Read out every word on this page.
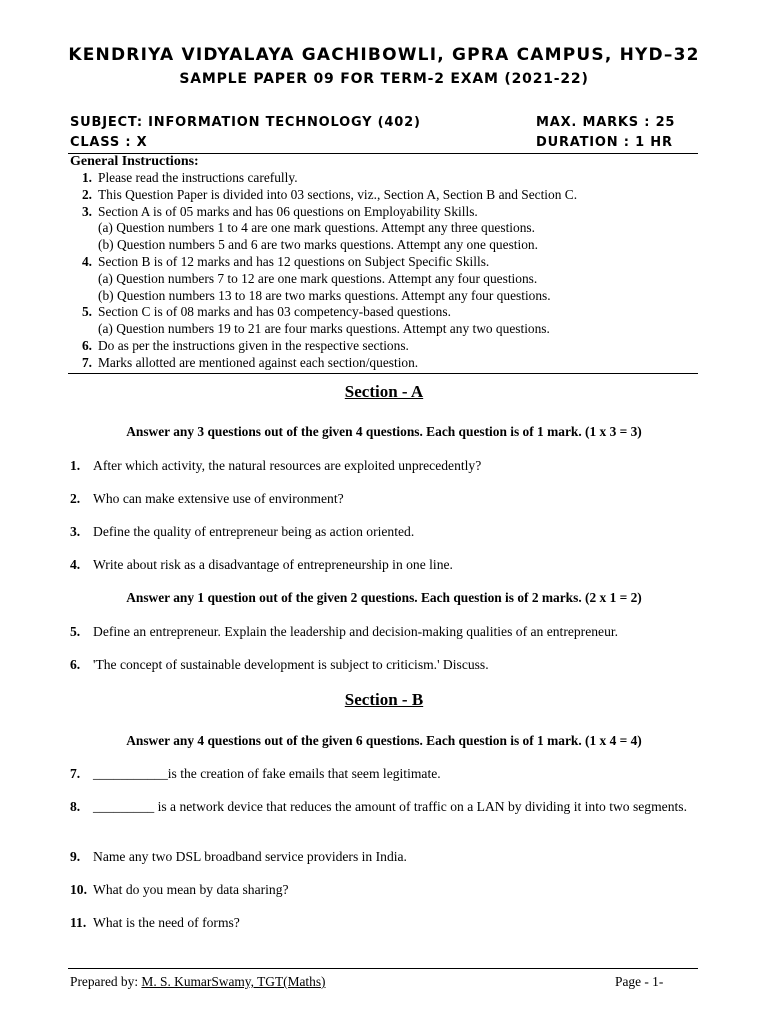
KENDRIYA VIDYALAYA GACHIBOWLI, GPRA CAMPUS, HYD–32
SAMPLE PAPER 09 FOR TERM-2 EXAM (2021-22)
SUBJECT: INFORMATION TECHNOLOGY (402)
CLASS : X
MAX. MARKS : 25
DURATION : 1 HR
General Instructions:
1. Please read the instructions carefully.
2. This Question Paper is divided into 03 sections, viz., Section A, Section B and Section C.
3. Section A is of 05 marks and has 06 questions on Employability Skills.
(a) Question numbers 1 to 4 are one mark questions. Attempt any three questions.
(b) Question numbers 5 and 6 are two marks questions. Attempt any one question.
4. Section B is of 12 marks and has 12 questions on Subject Specific Skills.
(a) Question numbers 7 to 12 are one mark questions. Attempt any four questions.
(b) Question numbers 13 to 18 are two marks questions. Attempt any four questions.
5. Section C is of 08 marks and has 03 competency-based questions.
(a) Question numbers 19 to 21 are four marks questions. Attempt any two questions.
6. Do as per the instructions given in the respective sections.
7. Marks allotted are mentioned against each section/question.
Section - A
Answer any 3 questions out of the given 4 questions. Each question is of 1 mark. (1 x 3 = 3)
1. After which activity, the natural resources are exploited unprecedently?
2. Who can make extensive use of environment?
3. Define the quality of entrepreneur being as action oriented.
4. Write about risk as a disadvantage of entrepreneurship in one line.
Answer any 1 question out of the given 2 questions. Each question is of 2 marks. (2 x 1 = 2)
5. Define an entrepreneur. Explain the leadership and decision-making qualities of an entrepreneur.
6. 'The concept of sustainable development is subject to criticism.' Discuss.
Section - B
Answer any 4 questions out of the given 6 questions. Each question is of 1 mark. (1 x 4 = 4)
7. ___________is the creation of fake emails that seem legitimate.
8. _________ is a network device that reduces the amount of traffic on a LAN by dividing it into two segments.
9. Name any two DSL broadband service providers in India.
10. What do you mean by data sharing?
11. What is the need of forms?
Prepared by: M. S. KumarSwamy, TGT(Maths)	Page - 1-
